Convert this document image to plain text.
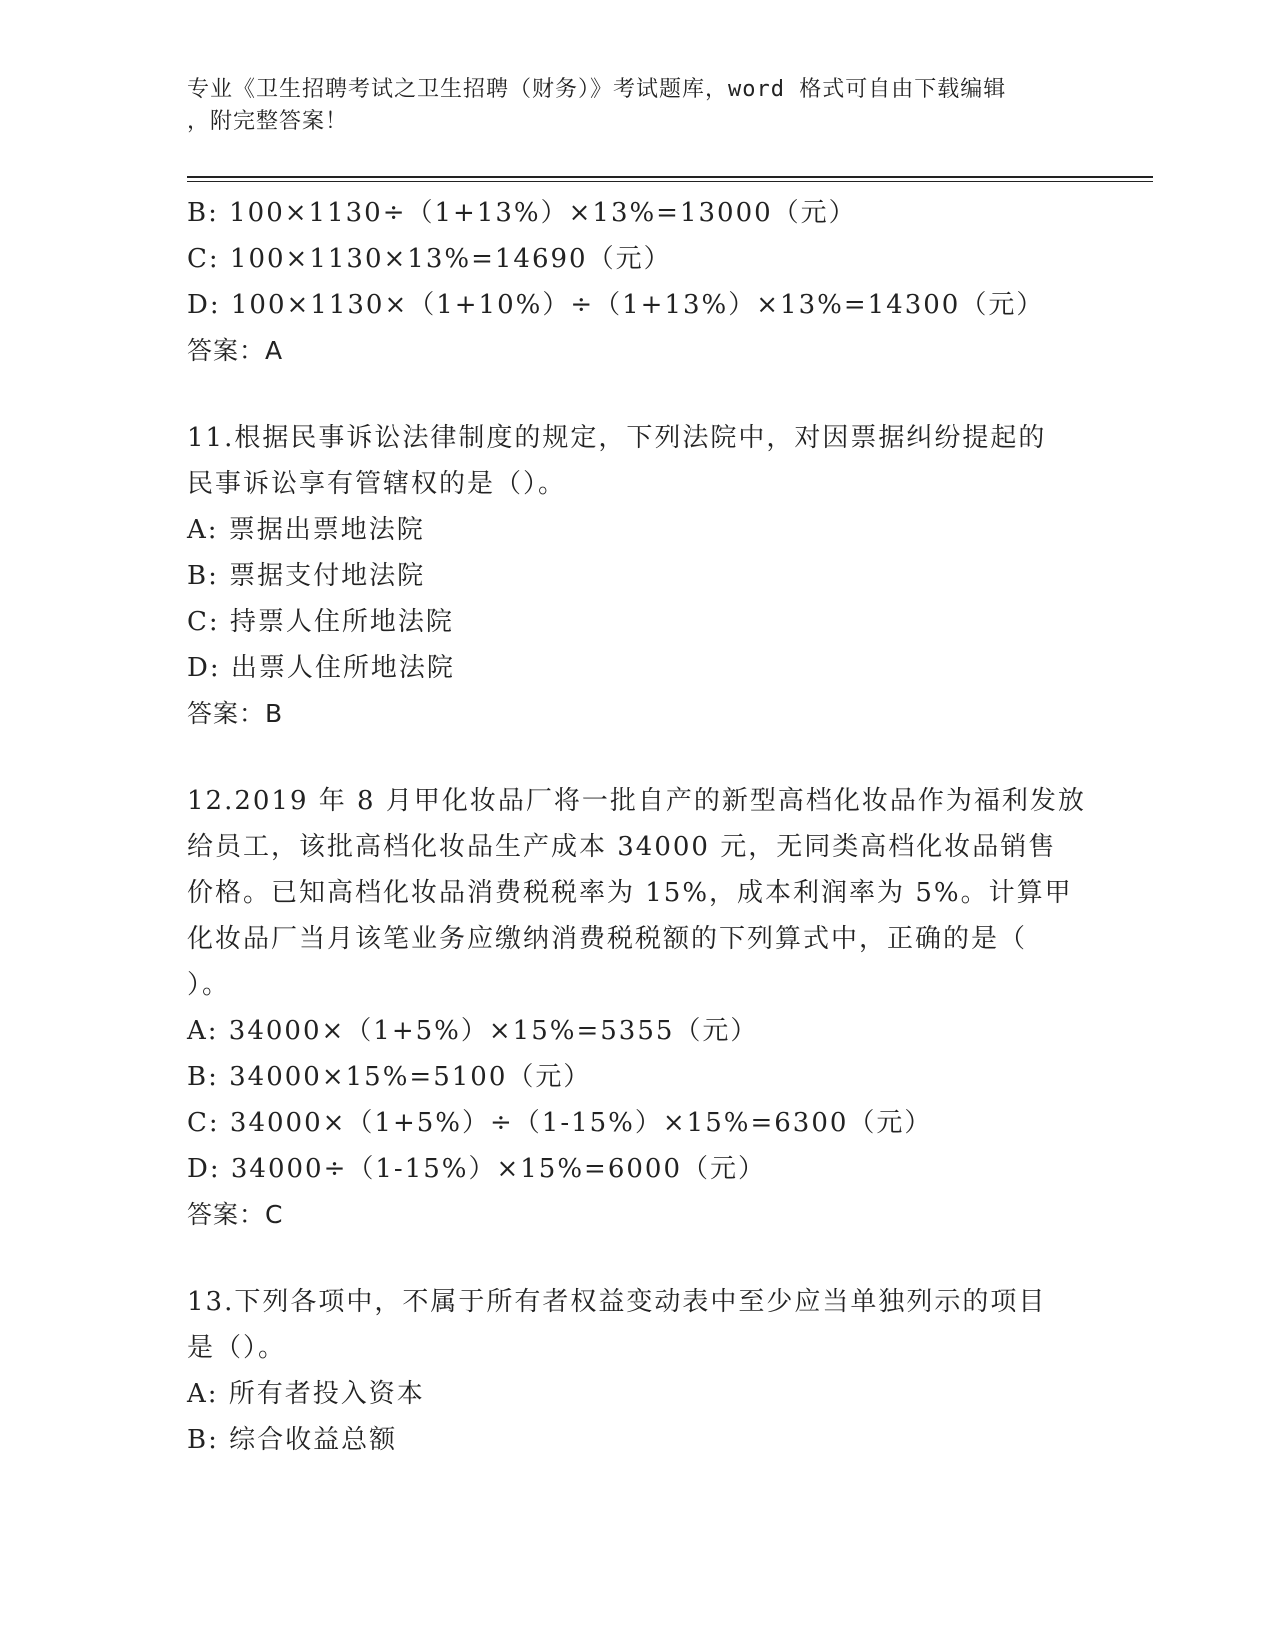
专业《卫生招聘考试之卫生招聘（财务）》考试题库，word 格式可自由下载编辑
，附完整答案！
B: 100×1130÷（1+13%）×13%=13000（元）
C: 100×1130×13%=14690（元）
D: 100×1130×（1+10%）÷（1+13%）×13%=14300（元）
答案：A
11.根据民事诉讼法律制度的规定，下列法院中，对因票据纠纷提起的
民事诉讼享有管辖权的是（）。
A: 票据出票地法院
B: 票据支付地法院
C: 持票人住所地法院
D: 出票人住所地法院
答案：B
12.2019 年 8 月甲化妆品厂将一批自产的新型高档化妆品作为福利发放
给员工，该批高档化妆品生产成本 34000 元，无同类高档化妆品销售
价格。已知高档化妆品消费税税率为 15%，成本利润率为 5%。计算甲
化妆品厂当月该笔业务应缴纳消费税税额的下列算式中，正确的是（
）。
A: 34000×（1+5%）×15%=5355（元）
B: 34000×15%=5100（元）
C: 34000×（1+5%）÷（1-15%）×15%=6300（元）
D: 34000÷（1-15%）×15%=6000（元）
答案：C
13.下列各项中，不属于所有者权益变动表中至少应当单独列示的项目
是（）。
A: 所有者投入资本
B: 综合收益总额
